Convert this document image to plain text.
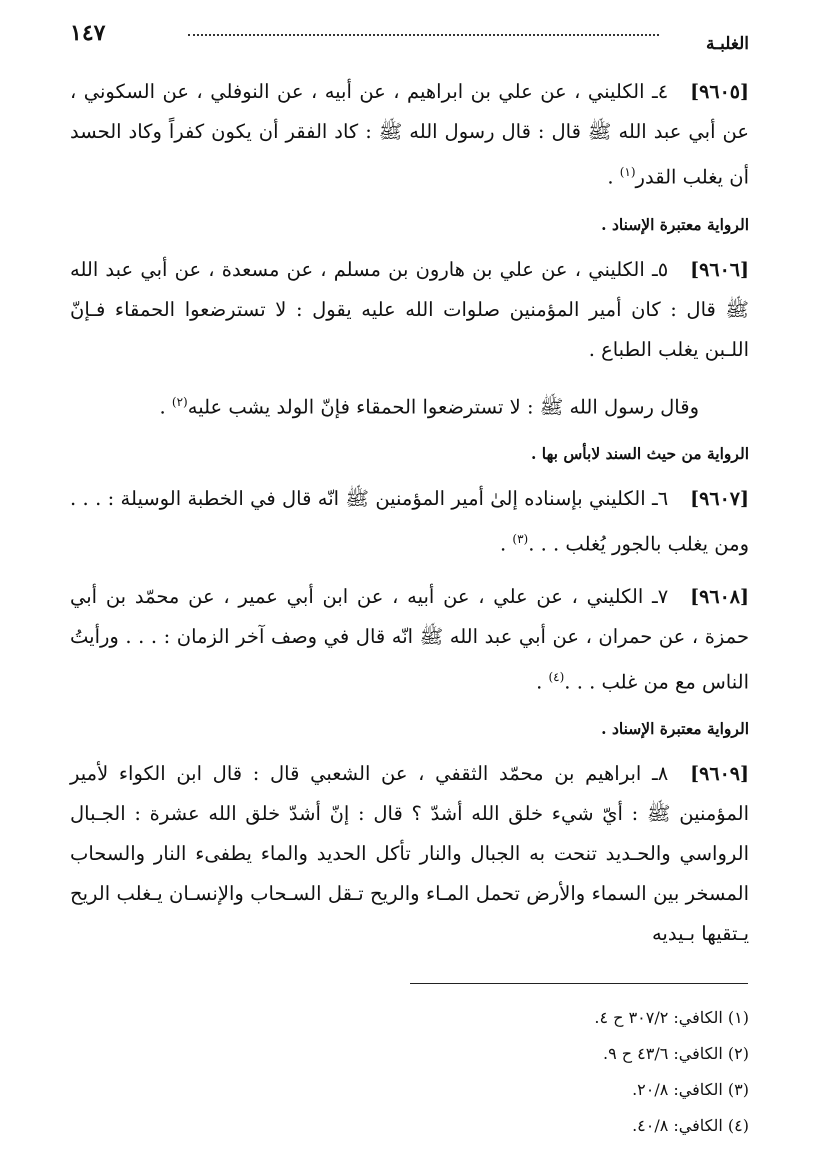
١٤٧	الغلبـة

[٩٦٠٥]٤ـ الكليني ، عن علي بن ابراهيم ، عن أبيه ، عن النوفلي ، عن السكوني ، عن أبي عبد الله ﷺ قال : قال رسول الله ﷺ : كاد الفقر أن يكون كفراً وكاد الحسد أن يغلب القدر$^{(١)}$ .

الرواية معتبرة الإسناد .

[٩٦٠٦]٥ـ الكليني ، عن علي بن هارون بن مسلم ، عن مسعدة ، عن أبي عبد الله ﷺ قال : كان أمير المؤمنين صلوات الله عليه يقول : لا تسترضعوا الحمقاء فـإنّ اللـبن يغلب الطباع .

وقال رسول الله ﷺ : لا تسترضعوا الحمقاء فإنّ الولد يشب عليه$^{(٢)}$ .

الرواية من حيث السند لابأس بها .

[٩٦٠٧]٦ـ الكليني بإسناده إلىٰ أمير المؤمنين ﷺ انّه قال في الخطبة الوسيلة : . . . ومن يغلب بالجور يُغلب . . .$^{(٣)}$ .

[٩٦٠٨]٧ـ الكليني ، عن علي ، عن أبيه ، عن ابن أبي عمير ، عن محمّد بن أبي حمزة ، عن حمران ، عن أبي عبد الله ﷺ انّه قال في وصف آخر الزمان : . . . ورأيتُ الناس مع من غلب . . .$^{(٤)}$ .

الرواية معتبرة الإسناد .

[٩٦٠٩]٨ـ ابراهيم بن محمّد الثقفي ، عن الشعبي قال : قال ابن الكواء لأمير المؤمنين ﷺ : أيّ شيء خلق الله أشدّ ؟ قال : إنّ أشدّ خلق الله عشرة : الجـبال الرواسي والحـديد تنحت به الجبال والنار تأكل الحديد والماء يطفىء النار والسحاب المسخر بين السماء والأرض تحمل المـاء والريح تـقل السـحاب والإنسـان يـغلب الريح يـتقيها بـيديه

(١) الكافي: ٣٠٧/٢ ح ٤.
(٢) الكافي: ٤٣/٦ ح ٩.
(٣) الكافي: ٢٠/٨.
(٤) الكافي: ٤٠/٨.
